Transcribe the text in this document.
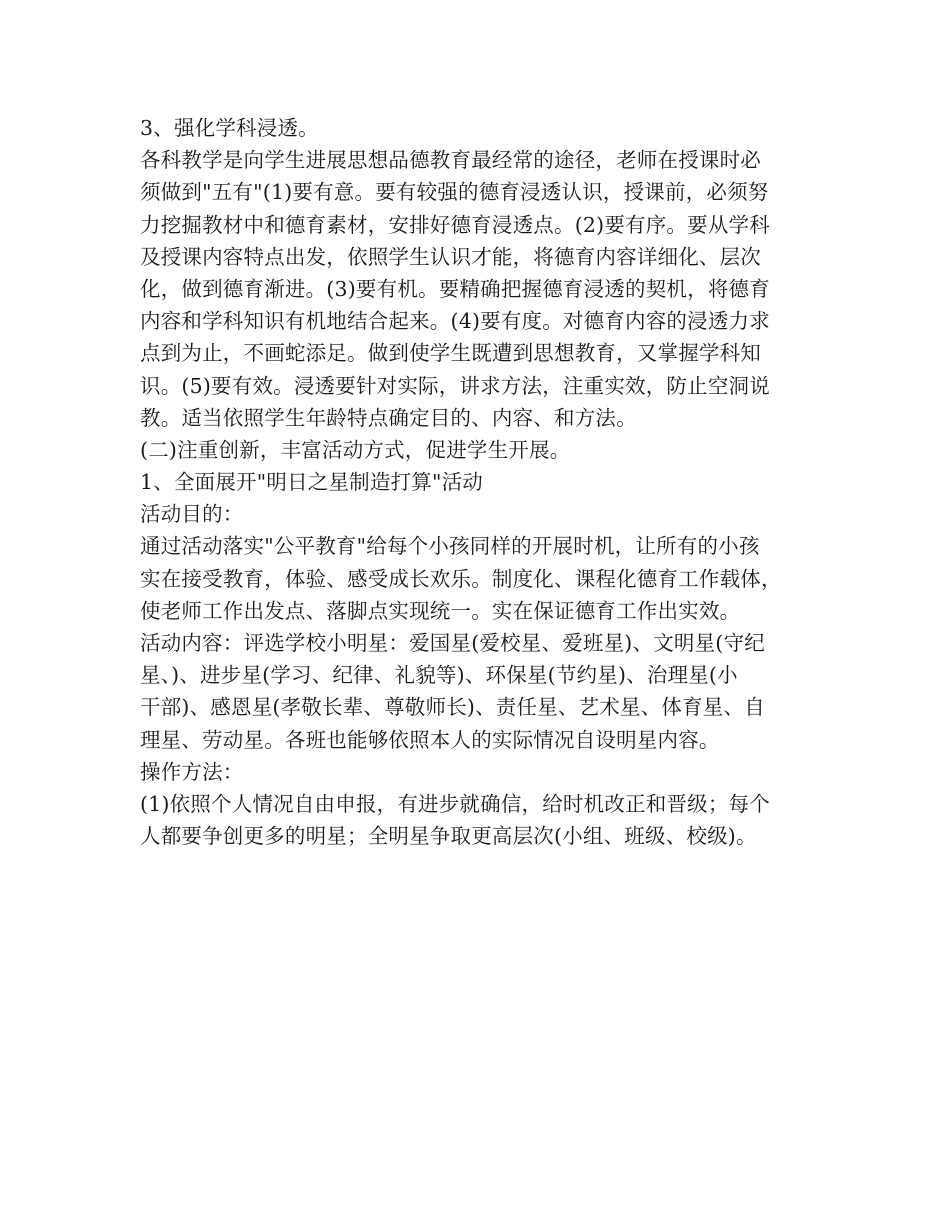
3、强化学科浸透。
各科教学是向学生进展思想品德教育最经常的途径，老师在授课时必
须做到"五有"(1)要有意。要有较强的德育浸透认识，授课前，必须努
力挖掘教材中和德育素材，安排好德育浸透点。(2)要有序。要从学科
及授课内容特点出发，依照学生认识才能，将德育内容详细化、层次
化，做到德育渐进。(3)要有机。要精确把握德育浸透的契机，将德育
内容和学科知识有机地结合起来。(4)要有度。对德育内容的浸透力求
点到为止，不画蛇添足。做到使学生既遭到思想教育，又掌握学科知
识。(5)要有效。浸透要针对实际，讲求方法，注重实效，防止空洞说
教。适当依照学生年龄特点确定目的、内容、和方法。
(二)注重创新，丰富活动方式，促进学生开展。
1、全面展开"明日之星制造打算"活动
活动目的：
通过活动落实"公平教育"给每个小孩同样的开展时机，让所有的小孩
实在接受教育，体验、感受成长欢乐。制度化、课程化德育工作载体，
使老师工作出发点、落脚点实现统一。实在保证德育工作出实效。
活动内容：评选学校小明星：爱国星(爱校星、爱班星)、文明星(守纪
星、)、进步星(学习、纪律、礼貌等)、环保星(节约星)、治理星(小
干部)、感恩星(孝敬长辈、尊敬师长)、责任星、艺术星、体育星、自
理星、劳动星。各班也能够依照本人的实际情况自设明星内容。
操作方法：
(1)依照个人情况自由申报，有进步就确信，给时机改正和晋级；每个
人都要争创更多的明星；全明星争取更高层次(小组、班级、校级)。
